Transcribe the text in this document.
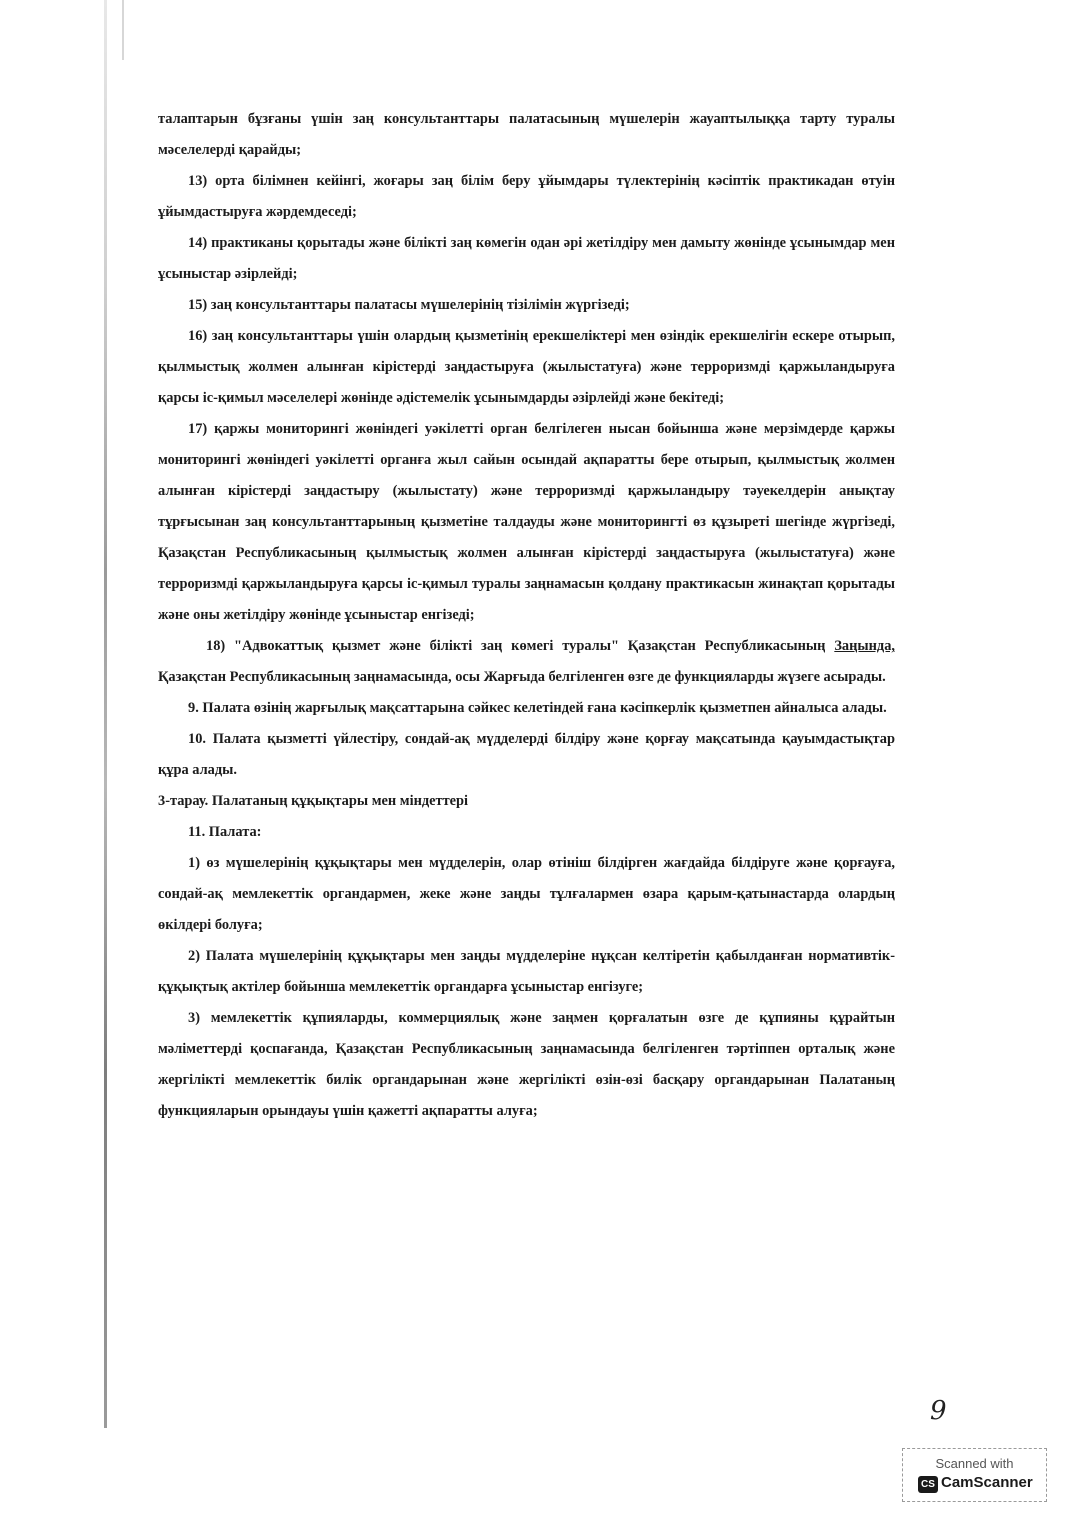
талаптарын бұзғаны үшін заң консультанттары палатасының мүшелерін жауаптылыққа тарту туралы мәселелерді қарайды;

13) орта білімнен кейінгі, жоғары заң білім беру ұйымдары түлектерінің кәсіптік практикадан өтуін ұйымдастыруға жәрдемдеседі;

14) практиканы қорытады және білікті заң көмегін одан әрі жетілдіру мен дамыту жөнінде ұсынымдар мен ұсыныстар әзірлейді;

15) заң консультанттары палатасы мүшелерінің тізілімін жүргізеді;

16) заң консультанттары үшін олардың қызметінің ерекшеліктері мен өзіндік ерекшелігін ескере отырып, қылмыстық жолмен алынған кірістерді заңдастыруға (жылыстатуға) және терроризмді қаржыландыруға қарсы іс-қимыл мәселелері жөнінде әдістемелік ұсынымдарды әзірлейді және бекітеді;

17) қаржы мониторингі жөніндегі уәкілетті орган белгілеген нысан бойынша және мерзімдерде қаржы мониторингі жөніндегі уәкілетті органға жыл сайын осындай ақпаратты бере отырып, қылмыстық жолмен алынған кірістерді заңдастыру (жылыстату) және терроризмді қаржыландыру тәуекелдерін анықтау тұрғысынан заң консультанттарының қызметіне талдауды және мониторингті өз құзыреті шегінде жүргізеді, Қазақстан Республикасының қылмыстық жолмен алынған кірістерді заңдастыруға (жылыстатуға) және терроризмді қаржыландыруға қарсы іс-қимыл туралы заңнамасын қолдану практикасын жинақтап қорытады және оны жетілдіру жөнінде ұсыныстар енгізеді;

18) "Адвокаттық қызмет және білікті заң көмегі туралы" Қазақстан Республикасының Заңында, Қазақстан Республикасының заңнамасында, осы Жарғыда белгіленген өзге де функцияларды жүзеге асырады.

9. Палата өзінің жарғылық мақсаттарына сәйкес келетіндей ғана кәсіпкерлік қызметпен айналыса алады.

10. Палата қызметті үйлестіру, сондай-ақ мүдделерді білдіру және қорғау мақсатында қауымдастықтар құра алады.

3-тарау. Палатаның құқықтары мен міндеттері

11. Палата:

1) өз мүшелерінің құқықтары мен мүдделерін, олар өтініш білдірген жағдайда білдіруге және қорғауға, сондай-ақ мемлекеттік органдармен, жеке және заңды тұлғалармен өзара қарым-қатынастарда олардың өкілдері болуға;

2) Палата мүшелерінің құқықтары мен заңды мүдделеріне нұқсан келтіретін қабылданған нормативтік-құқықтық актілер бойынша мемлекеттік органдарға ұсыныстар енгізуге;

3) мемлекеттік құпияларды, коммерциялық және заңмен қорғалатын өзге де құпияны құрайтын мәліметтерді қоспағанда, Қазақстан Республикасының заңнамасында белгіленген тәртіппен орталық және жергілікті мемлекеттік билік органдарынан және жергілікті өзін-өзі басқару органдарынан Палатаның функцияларын орындауы үшін қажетті ақпаратты алуға;

9
Scanned with
CS CamScanner
